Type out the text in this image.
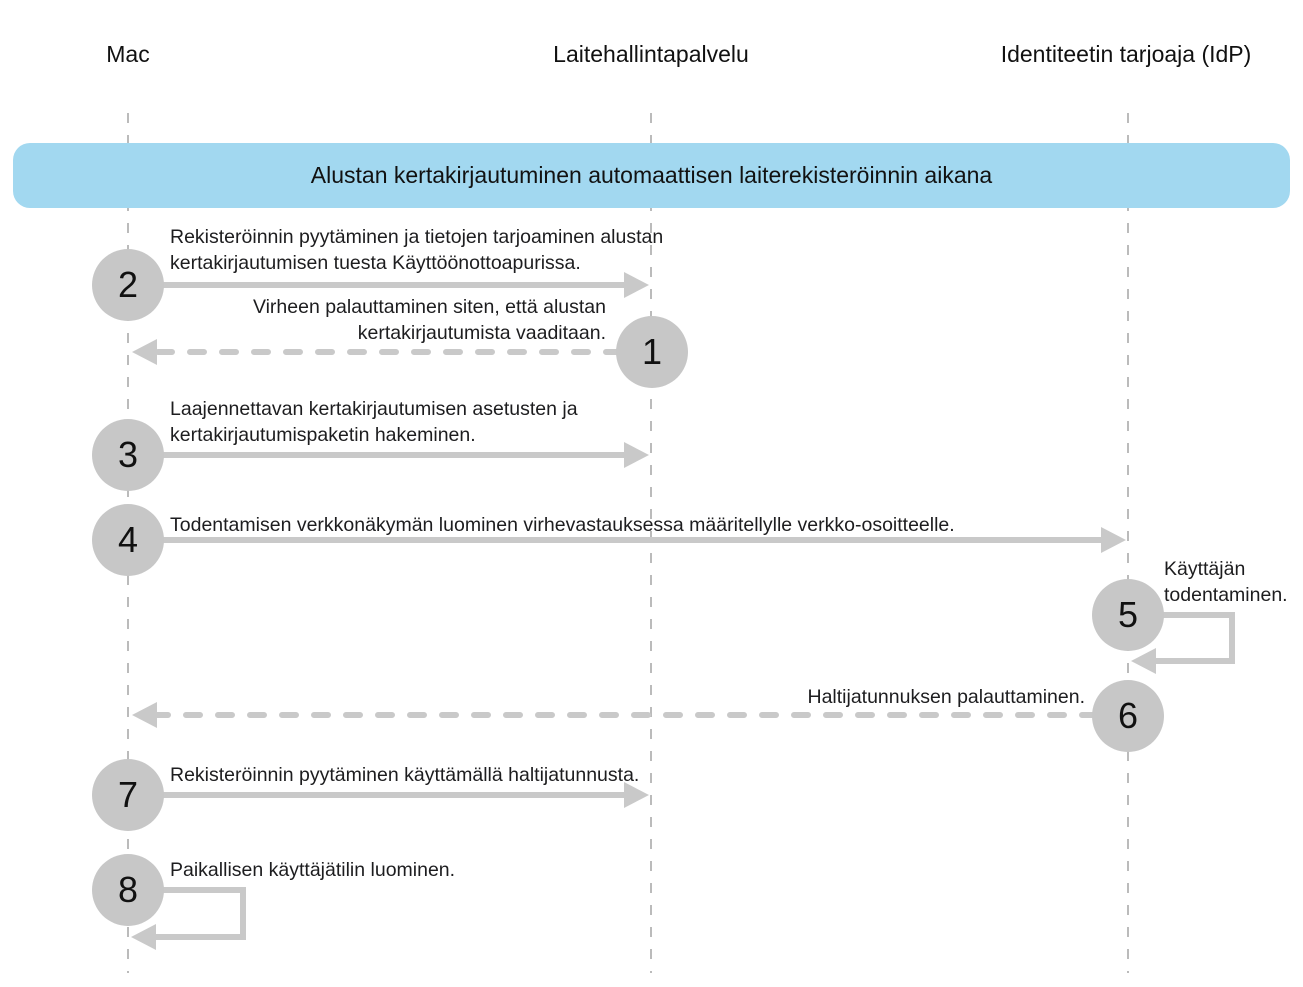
Mac	Laitehallintapalvelu	Identiteetin tarjoaja (IdP)
Alustan kertakirjautuminen automaattisen laiterekisteröinnin aikana
2
1
3
4
5
6
7
8
Rekisteröinnin pyytäminen ja tietojen tarjoaminen alustan kertakirjautumisen tuesta Käyttöönottoapurissa.
Virheen palauttaminen siten, että alustan kertakirjautumista vaaditaan.
Laajennettavan kertakirjautumisen asetusten ja kertakirjautumispaketin hakeminen.
Todentamisen verkkonäkymän luominen virhevastauksessa määritellylle verkko-osoitteelle.
Käyttäjän todentaminen.
Haltijatunnuksen palauttaminen.
Rekisteröinnin pyytäminen käyttämällä haltijatunnusta.
Paikallisen käyttäjätilin luominen.
